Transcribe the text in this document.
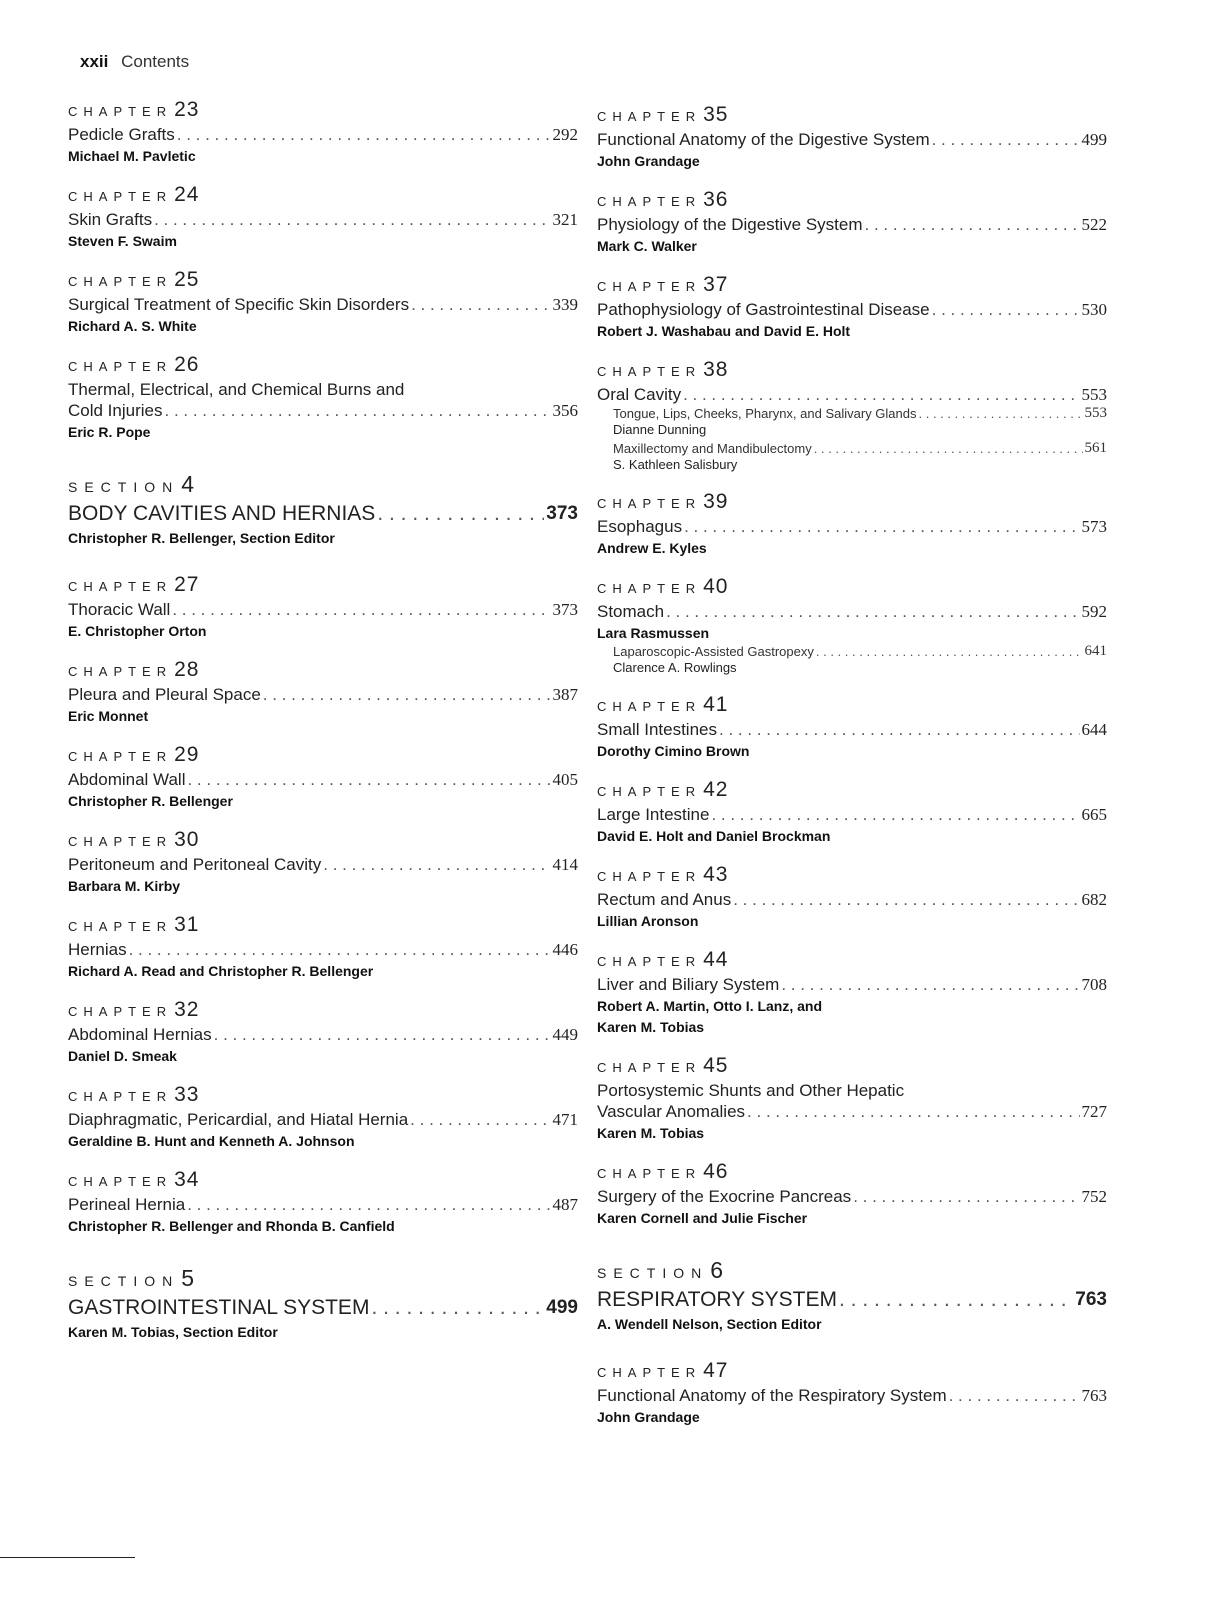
xxii Contents
CHAPTER23
Pedicle Grafts . . .	292
Michael M. Pavletic
CHAPTER24
Skin Grafts . . .	321
Steven F. Swaim
CHAPTER25
Surgical Treatment of Specific Skin Disorders . . .	339
Richard A. S. White
CHAPTER26
Thermal, Electrical, and Chemical Burns and
Cold Injuries . . .	356
Eric R. Pope
SECTION4
BODY CAVITIES AND HERNIAS . . .	373
Christopher R. Bellenger, Section Editor
CHAPTER27
Thoracic Wall . . .	373
E. Christopher Orton
CHAPTER28
Pleura and Pleural Space . . .	387
Eric Monnet
CHAPTER29
Abdominal Wall . . .	405
Christopher R. Bellenger
CHAPTER30
Peritoneum and Peritoneal Cavity . . .	414
Barbara M. Kirby
CHAPTER31
Hernias . . .	446
Richard A. Read and Christopher R. Bellenger
CHAPTER32
Abdominal Hernias . . .	449
Daniel D. Smeak
CHAPTER33
Diaphragmatic, Pericardial, and Hiatal Hernia . . .	471
Geraldine B. Hunt and Kenneth A. Johnson
CHAPTER34
Perineal Hernia . . .	487
Christopher R. Bellenger and Rhonda B. Canfield
SECTION5
GASTROINTESTINAL SYSTEM . . .	499
Karen M. Tobias, Section Editor
CHAPTER35
Functional Anatomy of the Digestive System . . .	499
John Grandage
CHAPTER36
Physiology of the Digestive System . . .	522
Mark C. Walker
CHAPTER37
Pathophysiology of Gastrointestinal Disease . . .	530
Robert J. Washabau and David E. Holt
CHAPTER38
Oral Cavity . . .	553
Tongue, Lips, Cheeks, Pharynx, and Salivary Glands . . .	553
Dianne Dunning
Maxillectomy and Mandibulectomy . . .	561
S. Kathleen Salisbury
CHAPTER39
Esophagus . . .	573
Andrew E. Kyles
CHAPTER40
Stomach . . .	592
Lara Rasmussen
Laparoscopic-Assisted Gastropexy . . .	641
Clarence A. Rowlings
CHAPTER41
Small Intestines . . .	644
Dorothy Cimino Brown
CHAPTER42
Large Intestine . . .	665
David E. Holt and Daniel Brockman
CHAPTER43
Rectum and Anus . . .	682
Lillian Aronson
CHAPTER44
Liver and Biliary System . . .	708
Robert A. Martin, Otto I. Lanz, and
Karen M. Tobias
CHAPTER45
Portosystemic Shunts and Other Hepatic
Vascular Anomalies . . .	727
Karen M. Tobias
CHAPTER46
Surgery of the Exocrine Pancreas . . .	752
Karen Cornell and Julie Fischer
SECTION6
RESPIRATORY SYSTEM . . .	763
A. Wendell Nelson, Section Editor
CHAPTER47
Functional Anatomy of the Respiratory System . . .	763
John Grandage
